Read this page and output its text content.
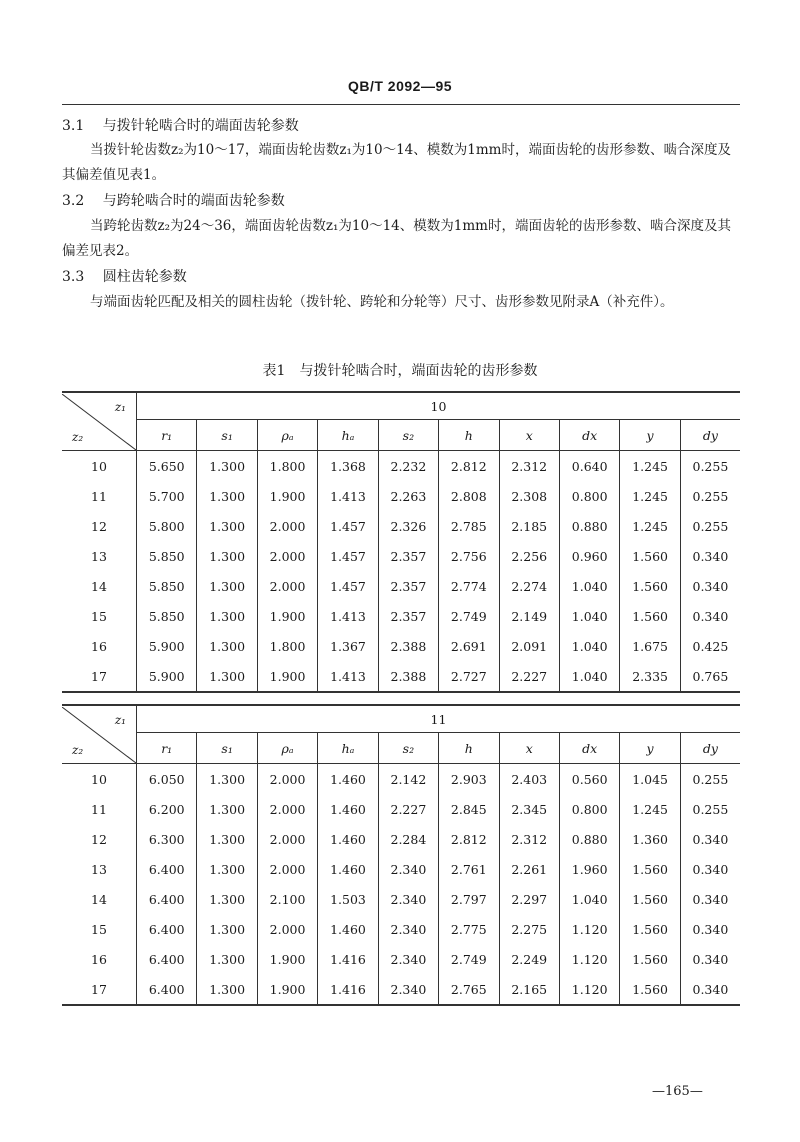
QB/T 2092—95
3.1 与拨针轮啮合时的端面齿轮参数
当拨针轮齿数z₂为10～17，端面齿轮齿数z₁为10～14、模数为1mm时，端面齿轮的齿形参数、啮合深度及其偏差值见表1。
3.2 与跨轮啮合时的端面齿轮参数
当跨轮齿数z₂为24～36，端面齿轮齿数z₁为10～14、模数为1mm时，端面齿轮的齿形参数、啮合深度及其偏差见表2。
3.3 圆柱齿轮参数
与端面齿轮匹配及相关的圆柱齿轮（拨针轮、跨轮和分轮等）尺寸、齿形参数见附录A（补充件）。
表1　与拨针轮啮合时，端面齿轮的齿形参数
z₁
z₂	10									
	r₁	s₁	ρₐ	hₐ	s₂	h	x	dx	y	dy
10	5.650	1.300	1.800	1.368	2.232	2.812	2.312	0.640	1.245	0.255
11	5.700	1.300	1.900	1.413	2.263	2.808	2.308	0.800	1.245	0.255
12	5.800	1.300	2.000	1.457	2.326	2.785	2.185	0.880	1.245	0.255
13	5.850	1.300	2.000	1.457	2.357	2.756	2.256	0.960	1.560	0.340
14	5.850	1.300	2.000	1.457	2.357	2.774	2.274	1.040	1.560	0.340
15	5.850	1.300	1.900	1.413	2.357	2.749	2.149	1.040	1.560	0.340
16	5.900	1.300	1.800	1.367	2.388	2.691	2.091	1.040	1.675	0.425
17	5.900	1.300	1.900	1.413	2.388	2.727	2.227	1.040	2.335	0.765
z₁
z₂	11									
	r₁	s₁	ρₐ	hₐ	s₂	h	x	dx	y	dy
10	6.050	1.300	2.000	1.460	2.142	2.903	2.403	0.560	1.045	0.255
11	6.200	1.300	2.000	1.460	2.227	2.845	2.345	0.800	1.245	0.255
12	6.300	1.300	2.000	1.460	2.284	2.812	2.312	0.880	1.360	0.340
13	6.400	1.300	2.000	1.460	2.340	2.761	2.261	1.960	1.560	0.340
14	6.400	1.300	2.100	1.503	2.340	2.797	2.297	1.040	1.560	0.340
15	6.400	1.300	2.000	1.460	2.340	2.775	2.275	1.120	1.560	0.340
16	6.400	1.300	1.900	1.416	2.340	2.749	2.249	1.120	1.560	0.340
17	6.400	1.300	1.900	1.416	2.340	2.765	2.165	1.120	1.560	0.340
—165—
